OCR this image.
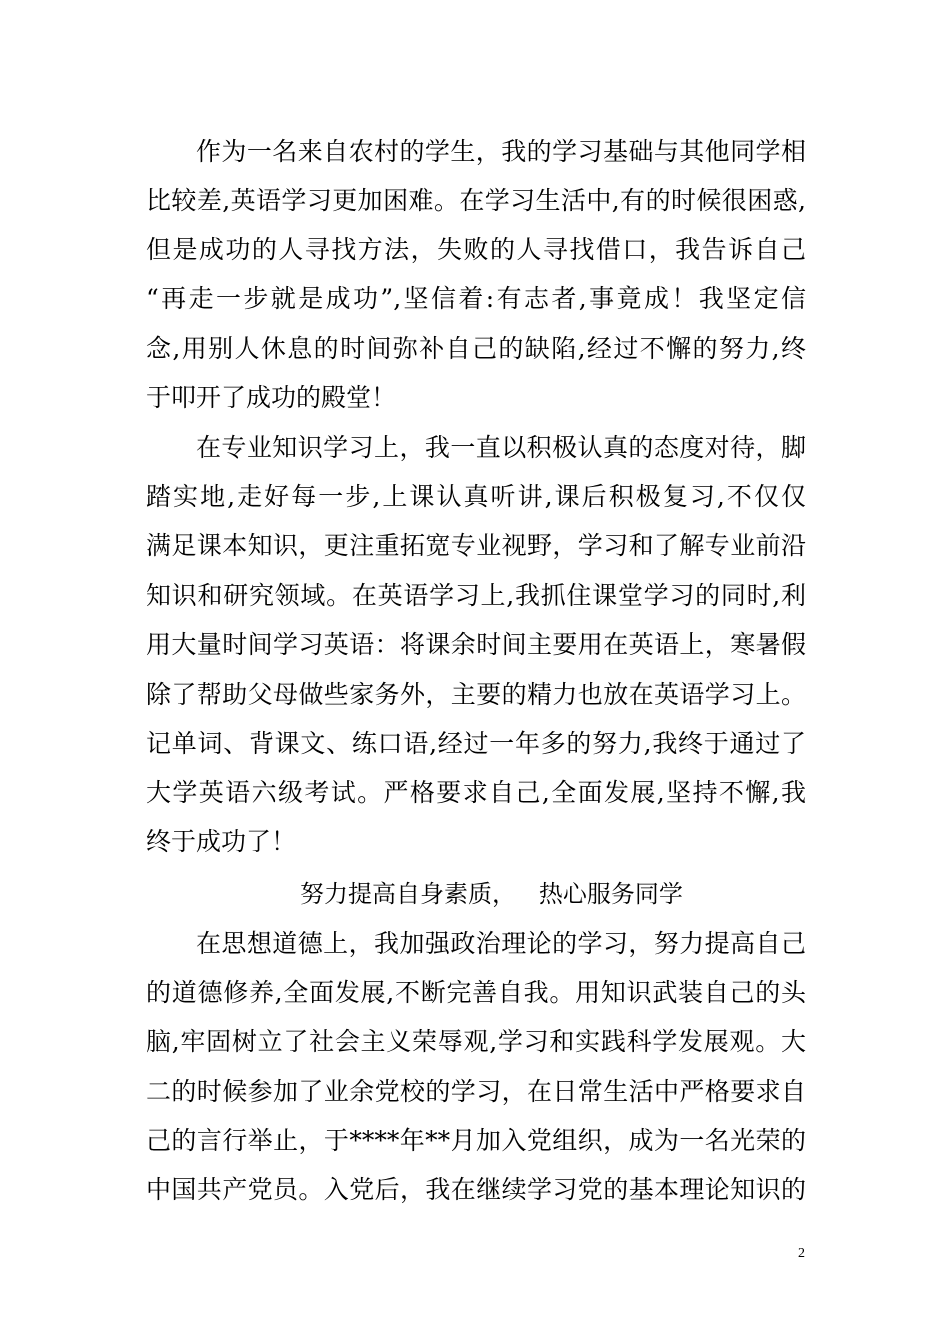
作为一名来自农村的学生，我的学习基础与其他同学相
比较差,英语学习更加困难。在学习生活中,有的时候很困惑,
但是成功的人寻找方法，失败的人寻找借口，我告诉自己
“再走一步就是成功”,坚信着:有志者,事竟成！我坚定信
念,用别人休息的时间弥补自己的缺陷,经过不懈的努力,终
于叩开了成功的殿堂！
在专业知识学习上，我一直以积极认真的态度对待，脚
踏实地,走好每一步,上课认真听讲,课后积极复习,不仅仅
满足课本知识，更注重拓宽专业视野，学习和了解专业前沿
知识和研究领域。在英语学习上,我抓住课堂学习的同时,利
用大量时间学习英语：将课余时间主要用在英语上，寒暑假
除了帮助父母做些家务外，主要的精力也放在英语学习上。
记单词、背课文、练口语,经过一年多的努力,我终于通过了
大学英语六级考试。严格要求自己,全面发展,坚持不懈,我
终于成功了！
努力提高自身素质，   热心服务同学
在思想道德上，我加强政治理论的学习，努力提高自己
的道德修养,全面发展,不断完善自我。用知识武装自己的头
脑,牢固树立了社会主义荣辱观,学习和实践科学发展观。大
二的时候参加了业余党校的学习，在日常生活中严格要求自
己的言行举止，于****年**月加入党组织，成为一名光荣的
中国共产党员。入党后，我在继续学习党的基本理论知识的
2
